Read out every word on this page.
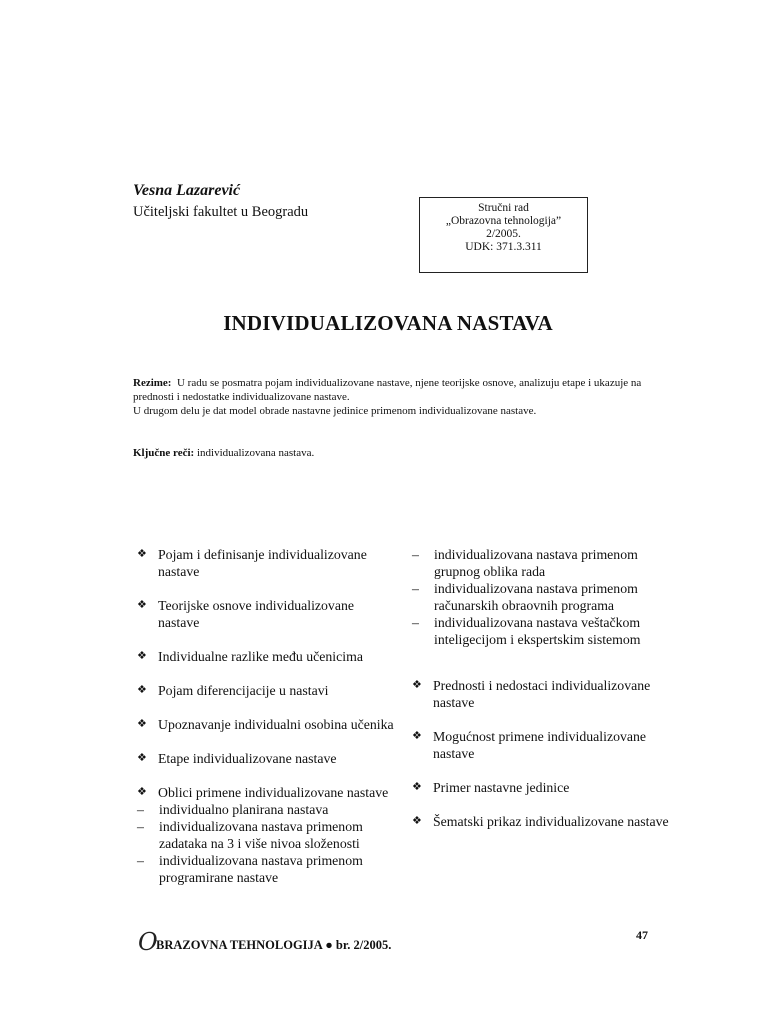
Vesna Lazarević
Učiteljski fakultet u Beogradu	Stručni rad
„Obrazovna tehnologija”
2/2005.
UDK: 371.3.311
INDIVIDUALIZOVANA NASTAVA
Rezime: U radu se posmatra pojam individualizovane nastave, njene teorijske osnove, analizuju etape i ukazuje na prednosti i nedostatke individualizovane nastave.
U drugom delu je dat model obrade nastavne jedinice primenom individualizovane nastave.
Ključne reči: individualizovana nastava.
❖ Pojam i definisanje individualizovane nastave
❖ Teorijske osnove individualizovane nastave
❖ Individualne razlike među učenicima
❖ Pojam diferencijacije u nastavi
❖ Upoznavanje individualni osobina učenika
❖ Etape individualizovane nastave
❖ Oblici primene individualizovane nastave
– individualno planirana nastava
– individualizovana nastava primenom zadataka na 3 i više nivoa složenosti
– individualizovana nastava primenom programirane nastave
– individualizovana nastava primenom grupnog oblika rada
– individualizovana nastava primenom računarskih obraovnih programa
– individualizovana nastava veštačkom inteligecijom i ekspertskim sistemom
❖ Prednosti i nedostaci individualizovane nastave
❖ Mogućnost primene individualizovane nastave
❖ Primer nastavne jedinice
❖ Šematski prikaz individualizovane nastave
O
BRAZOVNA TEHNOLOGIJA ● br. 2/2005.
47
